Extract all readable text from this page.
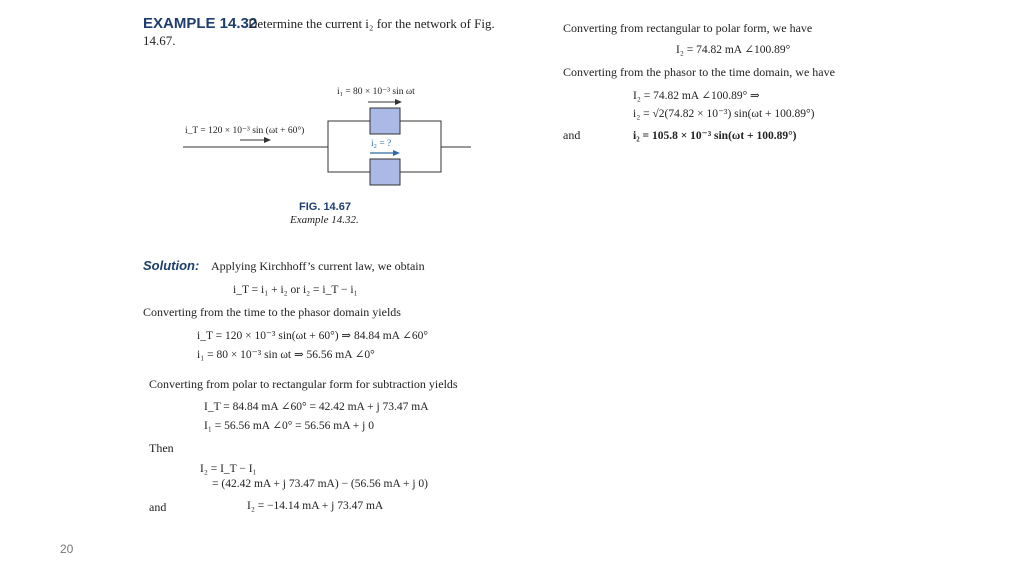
EXAMPLE 14.32
Determine the current i₂ for the network of Fig.
14.67.
i₁ = 80 × 10⁻³ sin ωt
i_T = 120 × 10⁻³ sin (ωt + 60°)
i₂ = ?
FIG. 14.67
Example 14.32.
Solution: Applying Kirchhoff’s current law, we obtain
i_T = i₁ + i₂ or i₂ = i_T − i₁
Converting from the time to the phasor domain yields
i_T = 120 × 10⁻³ sin(ωt + 60°) ⇒ 84.84 mA ∠60°
i₁ = 80 × 10⁻³ sin ωt ⇒ 56.56 mA ∠0°
Converting from polar to rectangular form for subtraction yields
I_T = 84.84 mA ∠60° = 42.42 mA + j 73.47 mA
I₁ = 56.56 mA ∠0° = 56.56 mA + j 0
Then
I₂ = I_T − I₁
= (42.42 mA + j 73.47 mA) − (56.56 mA + j 0)
and	I₂ = −14.14 mA + j 73.47 mA
Converting from rectangular to polar form, we have
I₂ = 74.82 mA ∠100.89°
Converting from the phasor to the time domain, we have
I₂ = 74.82 mA ∠100.89° ⇒
i₂ = √2(74.82 × 10⁻³) sin(ωt + 100.89°)
and	i₂ = 105.8 × 10⁻³ sin(ωt + 100.89°)
20
